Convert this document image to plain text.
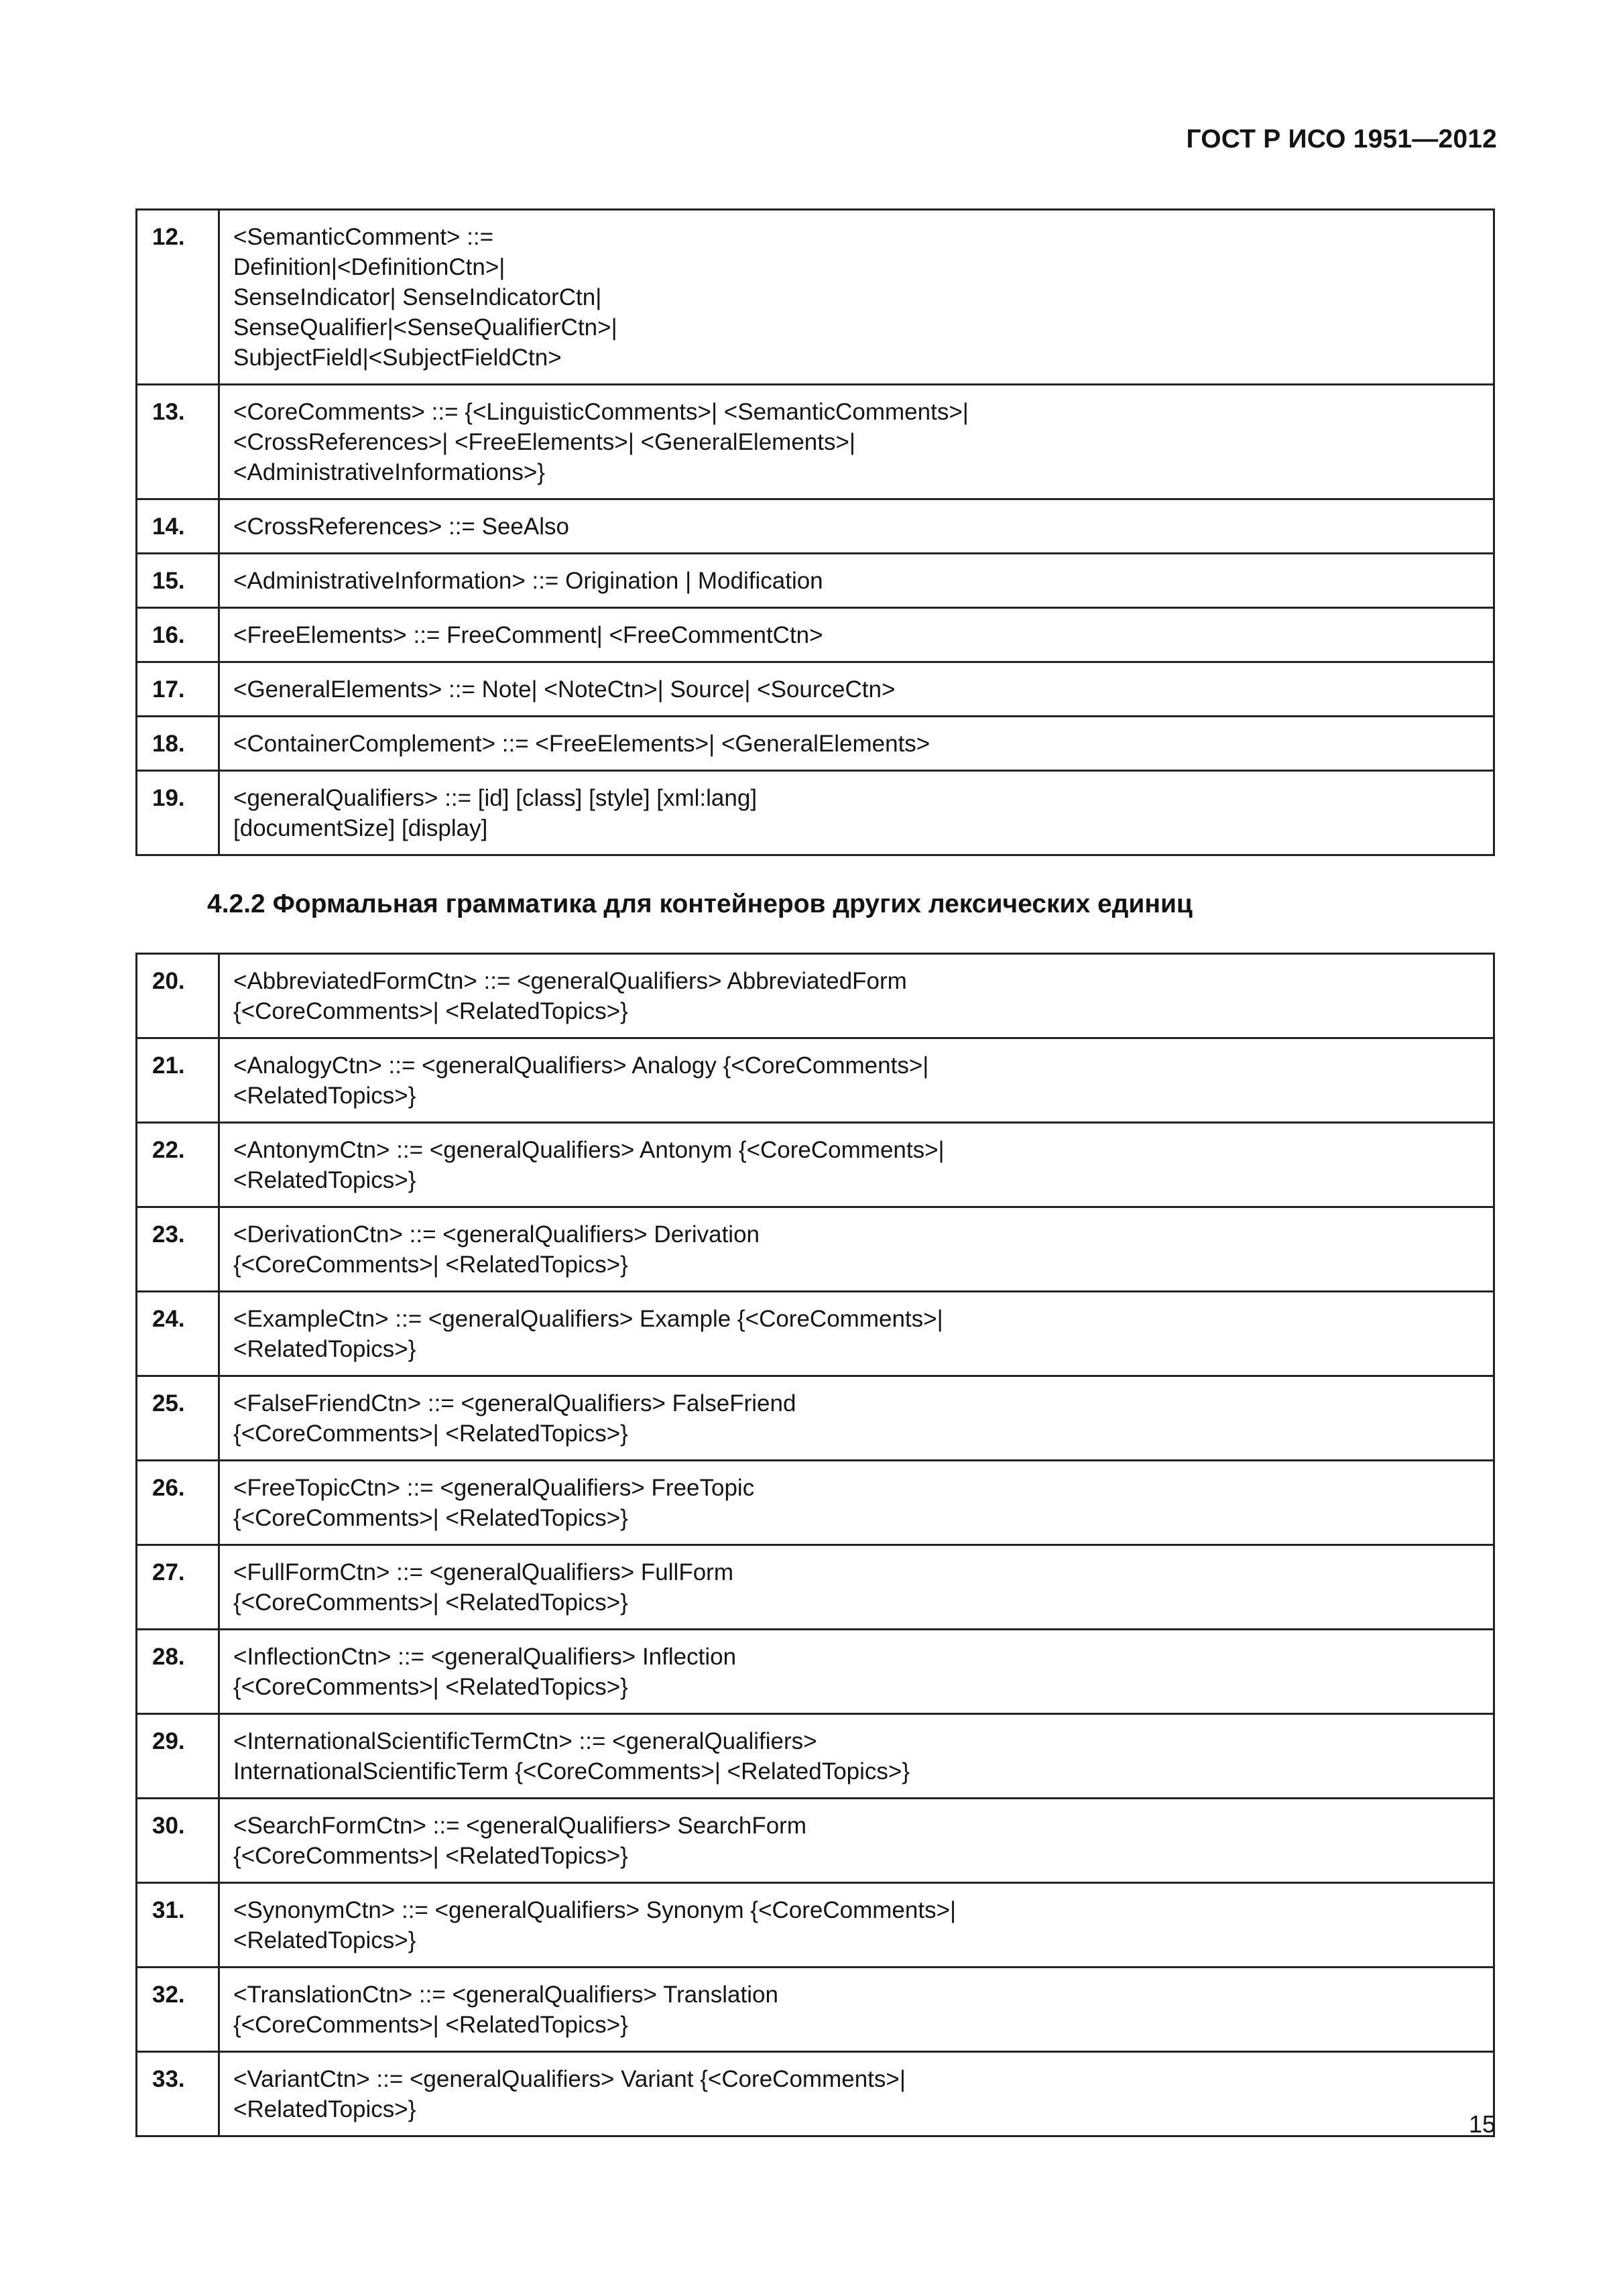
ГОСТ Р ИСО 1951—2012
12.	<SemanticComment> ::=
Definition|<DefinitionCtn>|
SenseIndicator| SenseIndicatorCtn|
SenseQualifier|<SenseQualifierCtn>|
SubjectField|<SubjectFieldCtn>
13.	<CoreComments> ::= {<LinguisticComments>| <SemanticComments>|
<CrossReferences>| <FreeElements>| <GeneralElements>|
<AdministrativeInformations>}
14.	<CrossReferences> ::= SeeAlso
15.	<AdministrativeInformation> ::= Origination | Modification
16.	<FreeElements> ::= FreeComment| <FreeCommentCtn>
17.	<GeneralElements> ::= Note| <NoteCtn>| Source| <SourceCtn>
18.	<ContainerComplement> ::= <FreeElements>| <GeneralElements>
19.	<generalQualifiers> ::= [id] [class] [style] [xml:lang]
[documentSize] [display]
4.2.2 Формальная грамматика для контейнеров других лексических единиц
20.	<AbbreviatedFormCtn> ::= <generalQualifiers> AbbreviatedForm
{<CoreComments>| <RelatedTopics>}
21.	<AnalogyCtn> ::= <generalQualifiers> Analogy {<CoreComments>|
<RelatedTopics>}
22.	<AntonymCtn> ::= <generalQualifiers> Antonym {<CoreComments>|
<RelatedTopics>}
23.	<DerivationCtn> ::= <generalQualifiers> Derivation
{<CoreComments>| <RelatedTopics>}
24.	<ExampleCtn> ::= <generalQualifiers> Example {<CoreComments>|
<RelatedTopics>}
25.	<FalseFriendCtn> ::= <generalQualifiers> FalseFriend
{<CoreComments>| <RelatedTopics>}
26.	<FreeTopicCtn> ::= <generalQualifiers> FreeTopic
{<CoreComments>| <RelatedTopics>}
27.	<FullFormCtn> ::= <generalQualifiers> FullForm
{<CoreComments>| <RelatedTopics>}
28.	<InflectionCtn> ::= <generalQualifiers> Inflection
{<CoreComments>| <RelatedTopics>}
29.	<InternationalScientificTermCtn> ::= <generalQualifiers>
InternationalScientificTerm {<CoreComments>| <RelatedTopics>}
30.	<SearchFormCtn> ::= <generalQualifiers> SearchForm
{<CoreComments>| <RelatedTopics>}
31.	<SynonymCtn> ::= <generalQualifiers> Synonym {<CoreComments>|
<RelatedTopics>}
32.	<TranslationCtn> ::= <generalQualifiers> Translation
{<CoreComments>| <RelatedTopics>}
33.	<VariantCtn> ::= <generalQualifiers> Variant {<CoreComments>|
<RelatedTopics>}
15
